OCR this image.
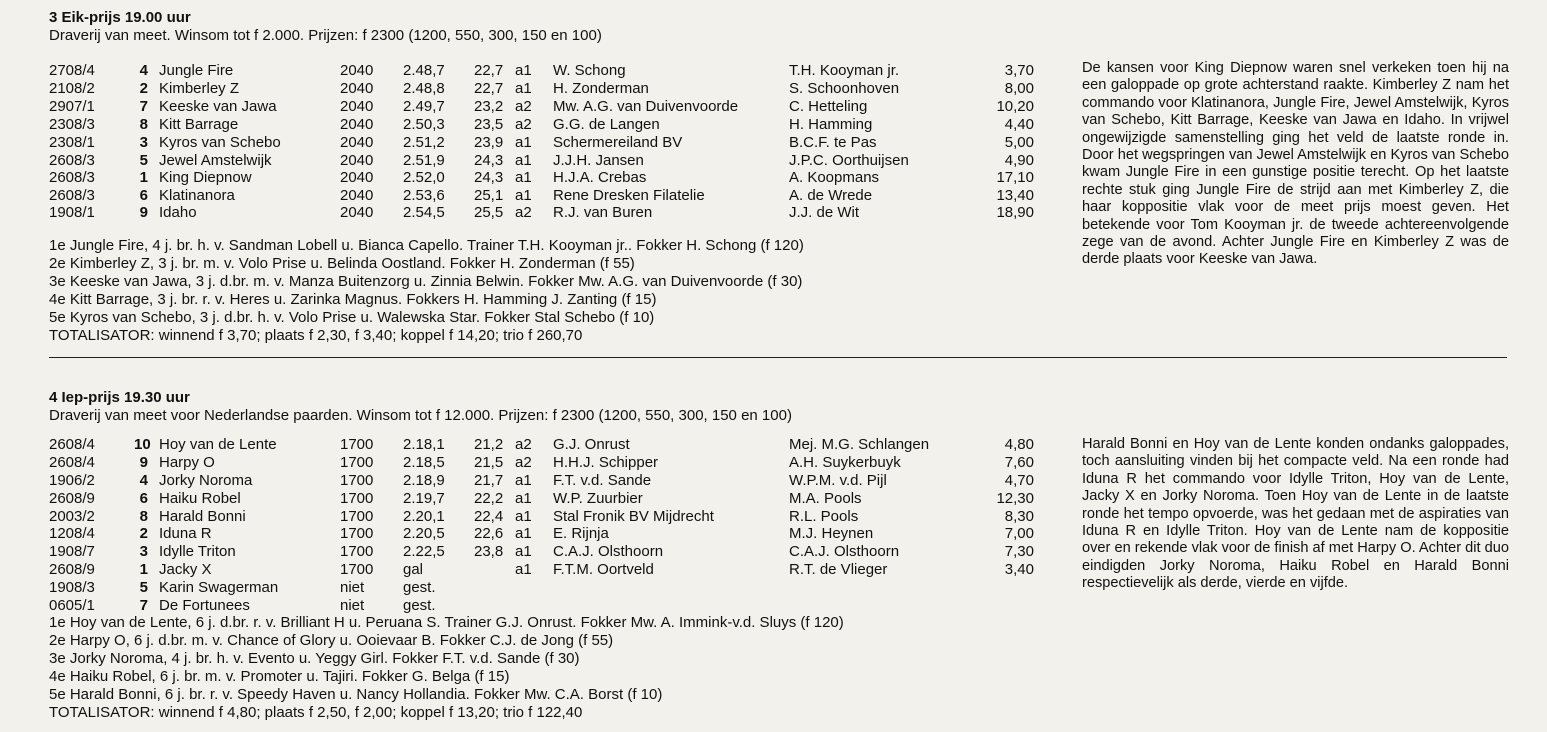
3 Eik-prijs 19.00 uur
Draverij van meet. Winsom tot f 2.000. Prijzen: f 2300 (1200, 550, 300, 150 en 100)
2708/4	4 Jungle Fire	2040 2.48,7 22,7 a1 W. Schong	T.H. Kooyman jr.	3,70
2108/2	2 Kimberley Z	2040 2.48,8 22,7 a1 H. Zonderman	S. Schoonhoven	8,00
2907/1	7 Keeske van Jawa	2040 2.49,7 23,2 a2 Mw. A.G. van Duivenvoorde	C. Hetteling	10,20
2308/3	8 Kitt Barrage	2040 2.50,3 23,5 a2 G.G. de Langen	H. Hamming	4,40
2308/1	3 Kyros van Schebo	2040 2.51,2 23,9 a1 Schermereiland BV	B.C.F. te Pas	5,00
2608/3	5 Jewel Amstelwijk	2040 2.51,9 24,3 a1 J.J.H. Jansen	J.P.C. Oorthuijsen	4,90
2608/3	1 King Diepnow	2040 2.52,0 24,3 a1 H.J.A. Crebas	A. Koopmans	17,10
2608/3	6 Klatinanora	2040 2.53,6 25,1 a1 Rene Dresken Filatelie	A. de Wrede	13,40
1908/1	9 Idaho	2040 2.54,5 25,5 a2 R.J. van Buren	J.J. de Wit	18,90
1e Jungle Fire, 4 j. br. h. v. Sandman Lobell u. Bianca Capello. Trainer T.H. Kooyman jr.. Fokker H. Schong (f 120)
2e Kimberley Z, 3 j. br. m. v. Volo Prise u. Belinda Oostland. Fokker H. Zonderman (f 55)
3e Keeske van Jawa, 3 j. d.br. m. v. Manza Buitenzorg u. Zinnia Belwin. Fokker Mw. A.G. van Duivenvoorde (f 30)
4e Kitt Barrage, 3 j. br. r. v. Heres u. Zarinka Magnus. Fokkers H. Hamming J. Zanting (f 15)
5e Kyros van Schebo, 3 j. d.br. h. v. Volo Prise u. Walewska Star. Fokker Stal Schebo (f 10)
TOTALISATOR: winnend f 3,70; plaats f 2,30, f 3,40; koppel f 14,20; trio f 260,70

De kansen voor King Diepnow waren snel verkeken toen hij na een galoppade op grote achterstand raakte. Kimberley Z nam het commando voor Klatinanora, Jungle Fire, Jewel Amstelwijk, Kyros van Schebo, Kitt Barrage, Keeske van Jawa en Idaho. In vrijwel ongewijzigde samenstelling ging het veld de laatste ronde in. Door het wegspringen van Jewel Amstelwijk en Kyros van Schebo kwam Jungle Fire in een gunstige positie terecht. Op het laatste rechte stuk ging Jungle Fire de strijd aan met Kimberley Z, die haar koppositie vlak voor de meet prijs moest geven. Het betekende voor Tom Kooyman jr. de tweede achtereenvolgende zege van de avond. Achter Jungle Fire en Kimberley Z was de derde plaats voor Keeske van Jawa.

4 Iep-prijs 19.30 uur
Draverij van meet voor Nederlandse paarden. Winsom tot f 12.000. Prijzen: f 2300 (1200, 550, 300, 150 en 100)
2608/4	10 Hoy van de Lente	1700 2.18,1 21,2 a2 G.J. Onrust	Mej. M.G. Schlangen	4,80
2608/4	9 Harpy O	1700 2.18,5 21,5 a2 H.H.J. Schipper	A.H. Suykerbuyk	7,60
1906/2	4 Jorky Noroma	1700 2.18,9 21,7 a1 F.T. v.d. Sande	W.P.M. v.d. Pijl	4,70
2608/9	6 Haiku Robel	1700 2.19,7 22,2 a1 W.P. Zuurbier	M.A. Pools	12,30
2003/2	8 Harald Bonni	1700 2.20,1 22,4 a1 Stal Fronik BV Mijdrecht	R.L. Pools	8,30
1208/4	2 Iduna R	1700 2.20,5 22,6 a1 E. Rijnja	M.J. Heynen	7,00
1908/7	3 Idylle Triton	1700 2.22,5 23,8 a1 C.A.J. Olsthoorn	C.A.J. Olsthoorn	7,30
2608/9	1 Jacky X	1700 gal	a1 F.T.M. Oortveld	R.T. de Vlieger	3,40
1908/3	5 Karin Swagerman	niet	gest.
0605/1	7 De Fortunees	niet	gest.
1e Hoy van de Lente, 6 j. d.br. r. v. Brilliant H u. Peruana S. Trainer G.J. Onrust. Fokker Mw. A. Immink-v.d. Sluys (f 120)
2e Harpy O, 6 j. d.br. m. v. Chance of Glory u. Ooievaar B. Fokker C.J. de Jong (f 55)
3e Jorky Noroma, 4 j. br. h. v. Evento u. Yeggy Girl. Fokker F.T. v.d. Sande (f 30)
4e Haiku Robel, 6 j. br. m. v. Promoter u. Tajiri. Fokker G. Belga (f 15)
5e Harald Bonni, 6 j. br. r. v. Speedy Haven u. Nancy Hollandia. Fokker Mw. C.A. Borst (f 10)
TOTALISATOR: winnend f 4,80; plaats f 2,50, f 2,00; koppel f 13,20; trio f 122,40

Harald Bonni en Hoy van de Lente konden ondanks galoppades, toch aansluiting vinden bij het compacte veld. Na een ronde had Iduna R het commando voor Idylle Triton, Hoy van de Lente, Jacky X en Jorky Noroma. Toen Hoy van de Lente in de laatste ronde het tempo opvoerde, was het gedaan met de aspiraties van Iduna R en Idylle Triton. Hoy van de Lente nam de koppositie over en rekende vlak voor de finish af met Harpy O. Achter dit duo eindigden Jorky Noroma, Haiku Robel en Harald Bonni respectievelijk als derde, vierde en vijfde.
